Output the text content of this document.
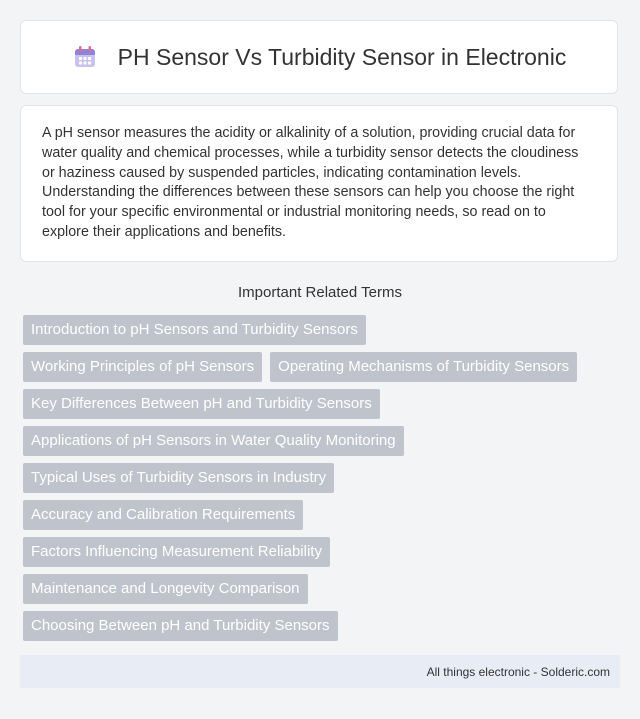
PH Sensor Vs Turbidity Sensor in Electronic

A pH sensor measures the acidity or alkalinity of a solution, providing crucial data for water quality and chemical processes, while a turbidity sensor detects the cloudiness or haziness caused by suspended particles, indicating contamination levels. Understanding the differences between these sensors can help you choose the right tool for your specific environmental or industrial monitoring needs, so read on to explore their applications and benefits.

Important Related Terms
Introduction to pH Sensors and Turbidity Sensors
Working Principles of pH Sensors	Operating Mechanisms of Turbidity Sensors
Key Differences Between pH and Turbidity Sensors
Applications of pH Sensors in Water Quality Monitoring
Typical Uses of Turbidity Sensors in Industry
Accuracy and Calibration Requirements
Factors Influencing Measurement Reliability
Maintenance and Longevity Comparison
Choosing Between pH and Turbidity Sensors
All things electronic - Solderic.com
